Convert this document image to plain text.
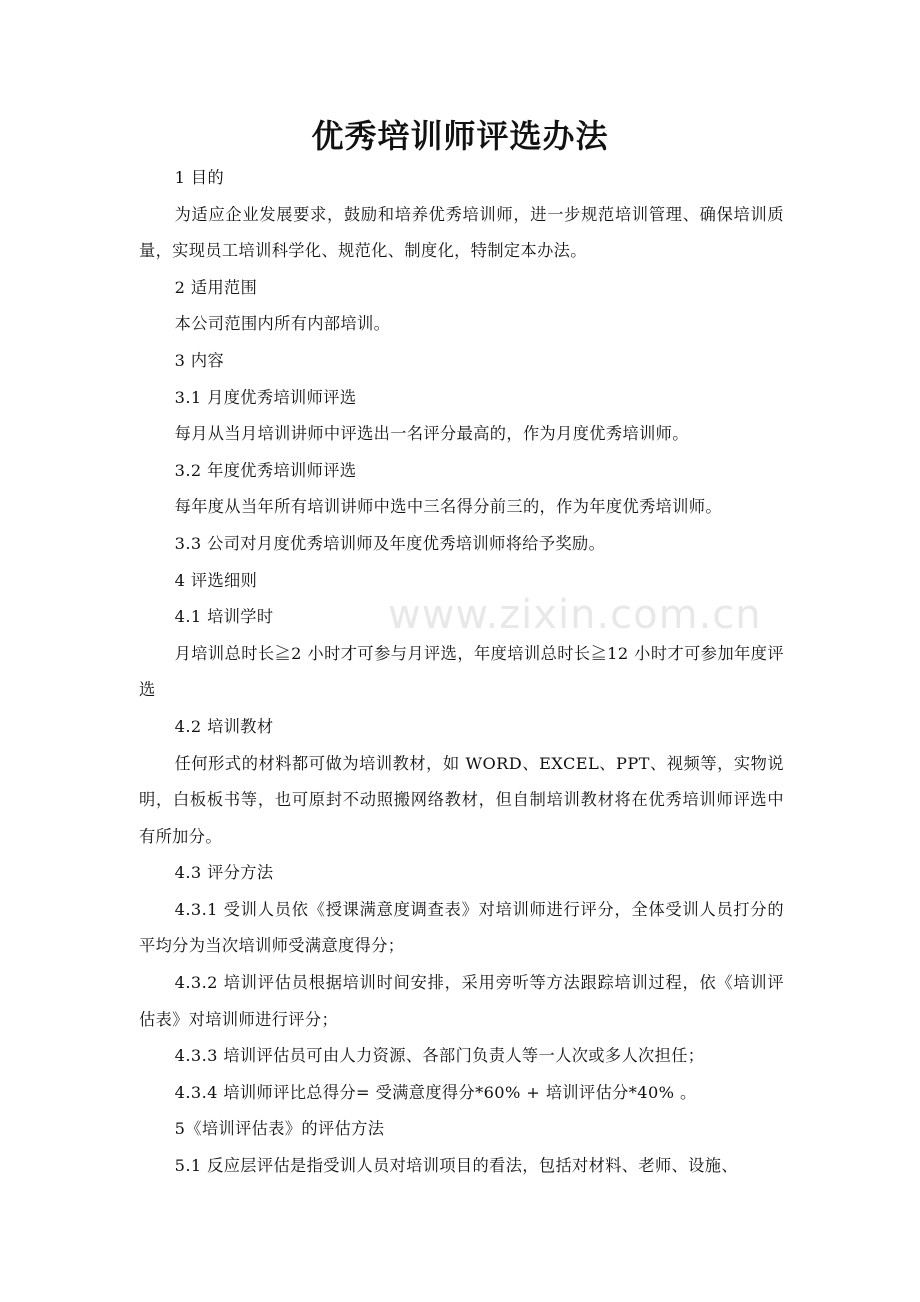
优秀培训师评选办法

1 目的

为适应企业发展要求，鼓励和培养优秀培训师，进一步规范培训管理、确保培训质量，实现员工培训科学化、规范化、制度化，特制定本办法。

2 适用范围

本公司范围内所有内部培训。

3 内容

3.1 月度优秀培训师评选

每月从当月培训讲师中评选出一名评分最高的，作为月度优秀培训师。

3.2 年度优秀培训师评选

每年度从当年所有培训讲师中选中三名得分前三的，作为年度优秀培训师。

3.3 公司对月度优秀培训师及年度优秀培训师将给予奖励。

4 评选细则

4.1 培训学时

月培训总时长≧2 小时才可参与月评选，年度培训总时长≧12 小时才可参加年度评选

4.2 培训教材

任何形式的材料都可做为培训教材，如 WORD、EXCEL、PPT、视频等，实物说明，白板板书等，也可原封不动照搬网络教材，但自制培训教材将在优秀培训师评选中有所加分。

4.3 评分方法

4.3.1 受训人员依《授课满意度调查表》对培训师进行评分，全体受训人员打分的平均分为当次培训师受满意度得分；

4.3.2 培训评估员根据培训时间安排，采用旁听等方法跟踪培训过程，依《培训评估表》对培训师进行评分；

4.3.3 培训评估员可由人力资源、各部门负责人等一人次或多人次担任；

4.3.4 培训师评比总得分= 受满意度得分*60% + 培训评估分*40% 。

5《培训评估表》的评估方法

5.1 反应层评估是指受训人员对培训项目的看法，包括对材料、老师、设施、

www.zixin.com.cn
